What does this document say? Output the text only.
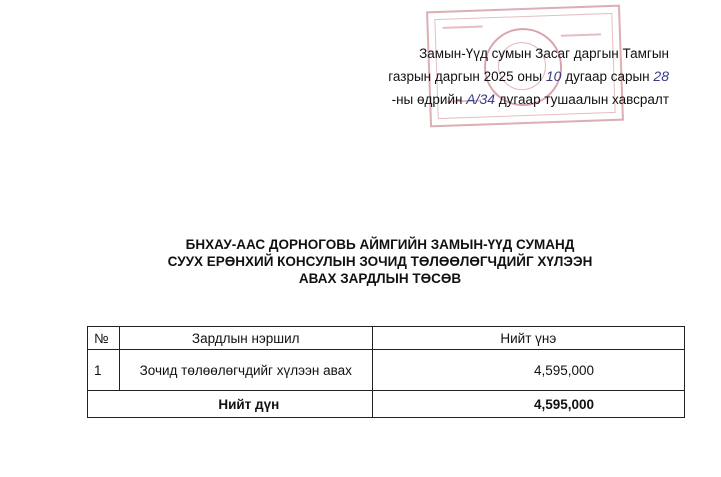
Замын-Үүд сумын Засаг даргын Тамгын
газрын даргын 2025 оны 10 дугаар сарын 28
-ны өдрийн A/34 дугаар тушаалын хавсралт
БНХАУ-ААС ДОРНОГОВЬ АЙМГИЙН ЗАМЫН-ҮҮД СУМАНД
СУУХ ЕРӨНХИЙ КОНСУЛЫН ЗОЧИД ТӨЛӨӨЛӨГЧДИЙГ ХҮЛЭЭН
АВАХ ЗАРДЛЫН ТӨСӨВ
№	Зардлын нэршил	Нийт үнэ
1	Зочид төлөөлөгчдийг хүлээн авах	4,595,000
Нийт дүн		4,595,000
